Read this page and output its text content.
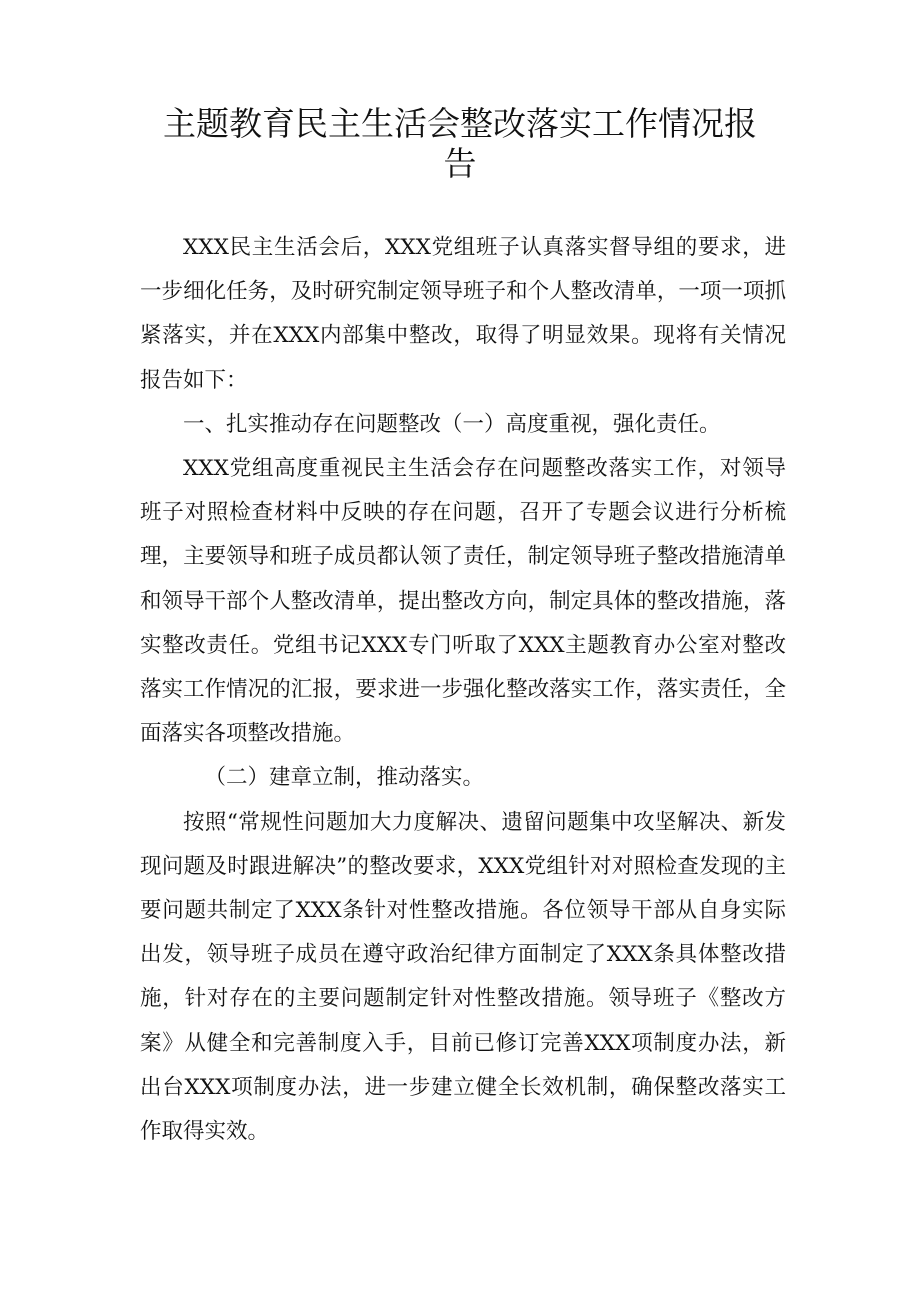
主题教育民主生活会整改落实工作情况报告

XXX民主生活会后，XXX党组班子认真落实督导组的要求，进一步细化任务，及时研究制定领导班子和个人整改清单，一项一项抓紧落实，并在XXX内部集中整改，取得了明显效果。现将有关情况报告如下：

一、扎实推动存在问题整改（一）高度重视，强化责任。

XXX党组高度重视民主生活会存在问题整改落实工作，对领导班子对照检查材料中反映的存在问题，召开了专题会议进行分析梳理，主要领导和班子成员都认领了责任，制定领导班子整改措施清单和领导干部个人整改清单，提出整改方向，制定具体的整改措施，落实整改责任。党组书记XXX专门听取了XXX主题教育办公室对整改落实工作情况的汇报，要求进一步强化整改落实工作，落实责任，全面落实各项整改措施。

（二）建章立制，推动落实。

按照“常规性问题加大力度解决、遗留问题集中攻坚解决、新发现问题及时跟进解决”的整改要求，XXX党组针对对照检查发现的主要问题共制定了XXX条针对性整改措施。各位领导干部从自身实际出发，领导班子成员在遵守政治纪律方面制定了XXX条具体整改措施，针对存在的主要问题制定针对性整改措施。领导班子《整改方案》从健全和完善制度入手，目前已修订完善XXX项制度办法，新出台XXX项制度办法，进一步建立健全长效机制，确保整改落实工作取得实效。
